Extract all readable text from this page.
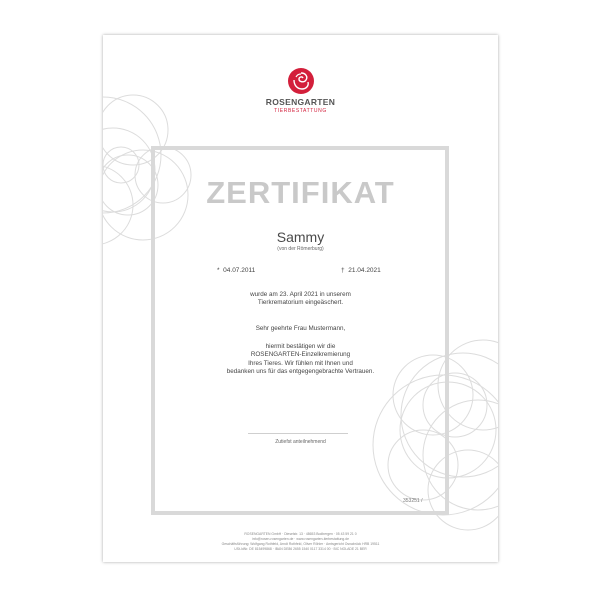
ROSENGARTEN
TIERBESTATTUNG
ZERTIFIKAT
Sammy
(von der Römerburg)
* 04.07.2011	† 21.04.2021
wurde am 23. April 2021 in unserem
Tierkrematorium eingeäschert.
Sehr geehrte Frau Mustermann,
hiermit bestätigen wir die
ROSENGARTEN-Einzelkremierung
Ihres Tieres. Wir fühlen mit Ihnen und
bedanken uns für das entgegengebrachte Vertrauen.
Zutiefst anteilnehmend
353251 /
ROSENGARTEN GmbH · Dieselstr. 13 · 48653 Bodbergen · 05 43 59 21 0
info@rosen-rosengarten.de · www.rosengarten-tierbestattung.de
Geschäftsführung: Wolfgang Rothfeld, Arndt Rothfeld, Oliver Röhler · Amtsgericht Osnabrück HRB 19511
USt-IdNr. DE 815499868 · IBAN DE86 2655 1540 0117 3314 00 · BIC NOLADE 21 BER
